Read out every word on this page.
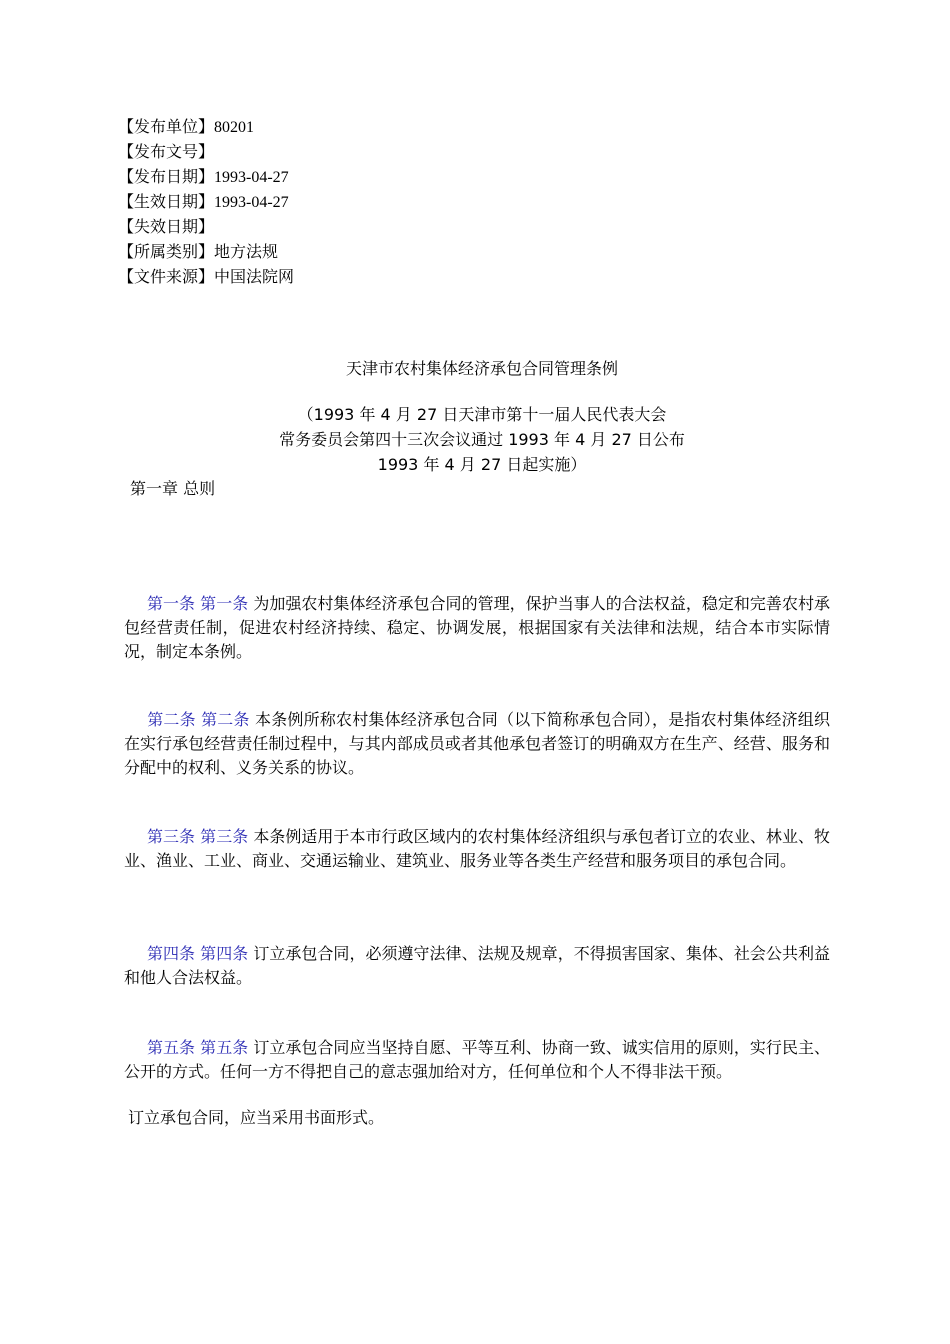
【发布单位】80201
【发布文号】
【发布日期】1993-04-27
【生效日期】1993-04-27
【失效日期】
【所属类别】地方法规
【文件来源】中国法院网
天津市农村集体经济承包合同管理条例
（1993 年 4 月 27 日天津市第十一届人民代表大会
常务委员会第四十三次会议通过 1993 年 4 月 27 日公布
1993 年 4 月 27 日起实施）
第一章 总则

第一条 第一条 为加强农村集体经济承包合同的管理，保护当事人的合法权益，稳定和完善农村承包经营责任制，促进农村经济持续、稳定、协调发展，根据国家有关法律和法规，结合本市实际情况，制定本条例。

第二条 第二条 本条例所称农村集体经济承包合同（以下简称承包合同），是指农村集体经济组织在实行承包经营责任制过程中，与其内部成员或者其他承包者签订的明确双方在生产、经营、服务和分配中的权利、义务关系的协议。

第三条 第三条 本条例适用于本市行政区域内的农村集体经济组织与承包者订立的农业、林业、牧业、渔业、工业、商业、交通运输业、建筑业、服务业等各类生产经营和服务项目的承包合同。

第四条 第四条 订立承包合同，必须遵守法律、法规及规章，不得损害国家、集体、社会公共利益和他人合法权益。

第五条 第五条 订立承包合同应当坚持自愿、平等互利、协商一致、诚实信用的原则，实行民主、公开的方式。任何一方不得把自己的意志强加给对方，任何单位和个人不得非法干预。

订立承包合同，应当采用书面形式。
